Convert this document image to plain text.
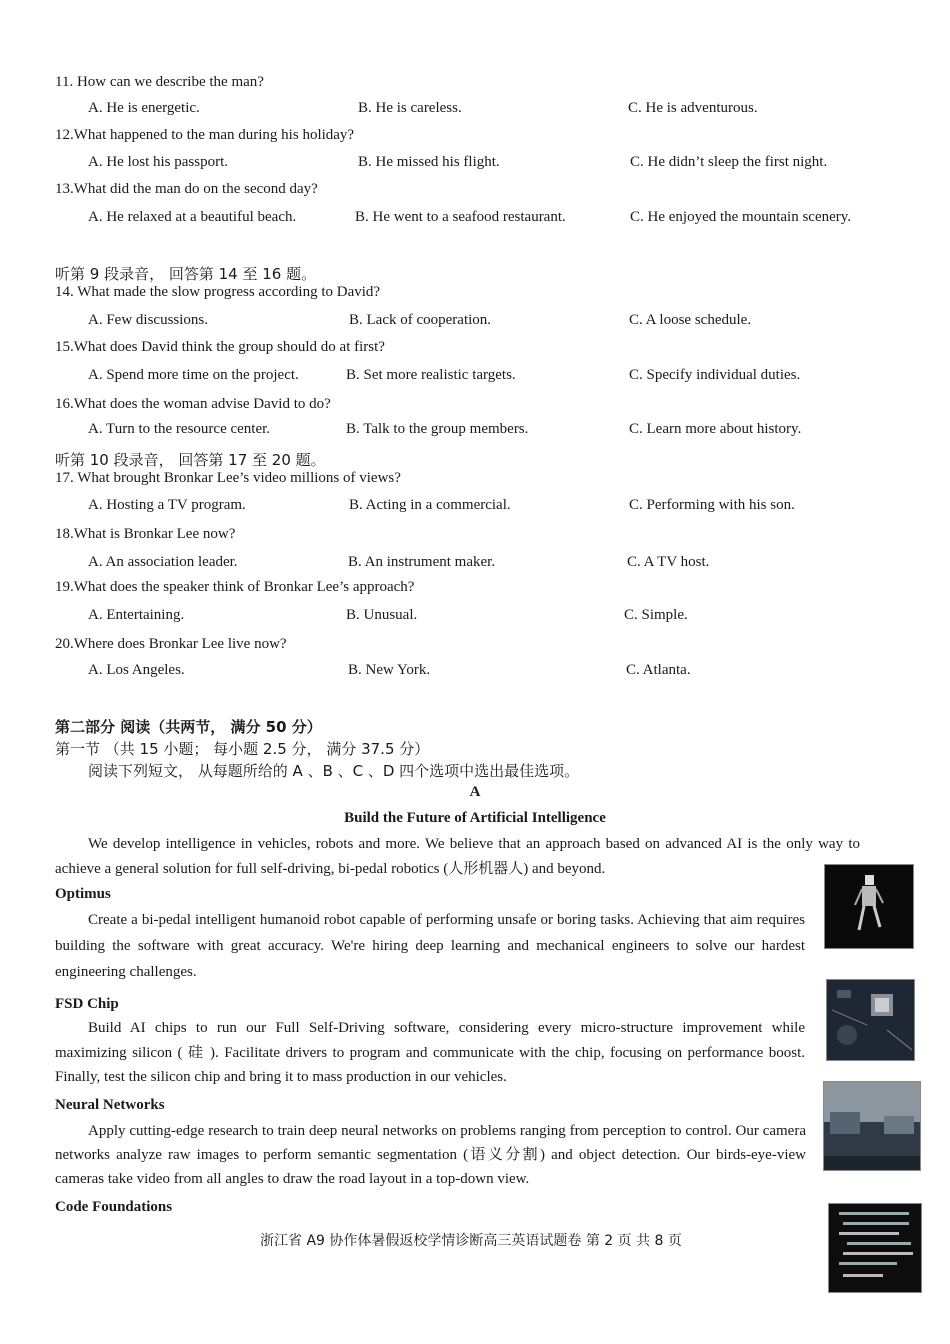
11. How can we describe the man?
A. He is energetic.	B. He is careless.	C. He is adventurous.
12.What happened to the man during his holiday?
A. He lost his passport.	B. He missed his flight.	C. He didn’t sleep the first night.
13.What did the man do on the second day?
A. He relaxed at a beautiful beach.	B. He went to a seafood restaurant.	C. He enjoyed the mountain scenery.
听第 9 段录音， 回答第 14 至 16 题。
14. What made the slow progress according to David?
A. Few discussions.	B. Lack of cooperation.	C. A loose schedule.
15.What does David think the group should do at first?
A. Spend more time on the project.	B. Set more realistic targets.	C. Specify individual duties.
16.What does the woman advise David to do?
A. Turn to the resource center.	B. Talk to the group members.	C. Learn more about history.
听第 10 段录音， 回答第 17 至 20 题。
17. What brought Bronkar Lee’s video millions of views?
A. Hosting a TV program.	B. Acting in a commercial.	C. Performing with his son.
18.What is Bronkar Lee now?
A. An association leader.	B. An instrument maker.	C. A TV host.
19.What does the speaker think of Bronkar Lee’s approach?
A. Entertaining.	B. Unusual.	C. Simple.
20.Where does Bronkar Lee live now?
A. Los Angeles.	B. New York.	C. Atlanta.
第二部分 阅读（共两节， 满分 50 分）
第一节 （共 15 小题； 每小题 2.5 分， 满分 37.5 分）
阅读下列短文， 从每题所给的 A 、B 、C 、D 四个选项中选出最佳选项。
A
Build the Future of Artificial Intelligence
We develop intelligence in vehicles, robots and more. We believe that an approach based on advanced AI is the only way to achieve a general solution for full self-driving, bi-pedal robotics (人形机器人) and beyond.
Optimus
Create a bi-pedal intelligent humanoid robot capable of performing unsafe or boring tasks. Achieving that aim requires building the software with great accuracy. We're hiring deep learning and mechanical engineers to solve our hardest engineering challenges.
FSD Chip
Build AI chips to run our Full Self-Driving software, considering every micro-structure improvement while maximizing silicon ( 硅 ). Facilitate drivers to program and communicate with the chip, focusing on performance boost. Finally, test the silicon chip and bring it to mass production in our vehicles.
Neural Networks
Apply cutting-edge research to train deep neural networks on problems ranging from perception to control. Our camera networks analyze raw images to perform semantic segmentation (语义分割) and object detection. Our birds-eye-view cameras take video from all angles to draw the road layout in a top-down view.
Code Foundations
浙江省 A9 协作体暑假返校学情诊断高三英语试题卷 第 2 页 共 8 页
